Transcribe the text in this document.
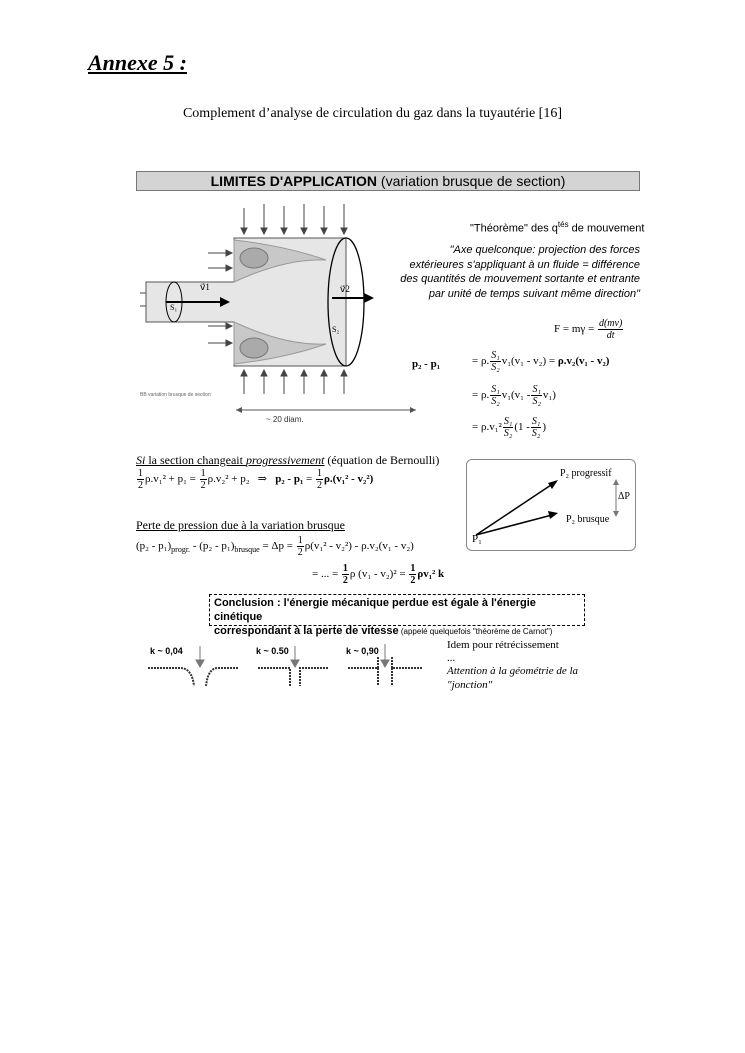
Annexe 5 :
Complement d’analyse de circulation du gaz dans la tuyautérie [16]
LIMITES D'APPLICATION (variation brusque de section)
v⃗1	v⃗2
S₁
S₂
~ 20 diam.
BB variation brusque de section
"Théorème" des $q^{tés}$ de mouvement
"Axe quelconque: projection des forces
extérieures s'appliquant à un fluide = différence
des quantités de mouvement sortante et entrante
par unité de temps suivant même direction"
$F = m\gamma = \frac{d(mv)}{dt}$
p₂ - p₁	= ρ. $\frac{\text{S₁}}{\text{S₂}} v_1(v_1 - v_2) = \rho.v_2(v_1 - v_2)$
= ρ. $\frac{\text{S₁}}{\text{S₂}} v_1(v_1 - \frac{\text{S₁}}{\text{S₂}} v_1)$
= $\rho.v_1^2 \frac{\text{S₁}}{\text{S₂}} (1 - \frac{\text{S₁}}{\text{S₂}}$ )
Si la section changeait progressivement (équation de Bernoulli)
$\frac{1}{2} \rho.v_1^2 + p_1 = \frac{1}{2} \rho.v_2^2 + p_2$ ⇒ $p_2 - p_1 = \frac{1}{2} \rho.(v_1^2 - v_2^2)$
Perte de pression due à la variation brusque
$(p_2 - p_1)_{progr.} - (p_2 - p_1)_{brusque} = \Delta p = \frac{1}{2} \rho(v_1^2 - v_2^2) - \rho.v_2(v_1 - v_2)$
= ... = $\frac{1}{2}$ ρ $(v_1 - v_2)^2 = \frac{1}{2} \rho v_1^2$ k
P₁
P₂ progressif
P₂ brusque
ΔP
Conclusion : l'énergie mécanique perdue est égale à l'énergie cinétique
correspondant à la perte de vitesse (appelé quelquefois "théorème de Carnot")
k ~ 0,04	k ~ 0.50	k ~ 0,90	Idem pour rétrécissement
...
Attention à la géométrie de la
"jonction"
